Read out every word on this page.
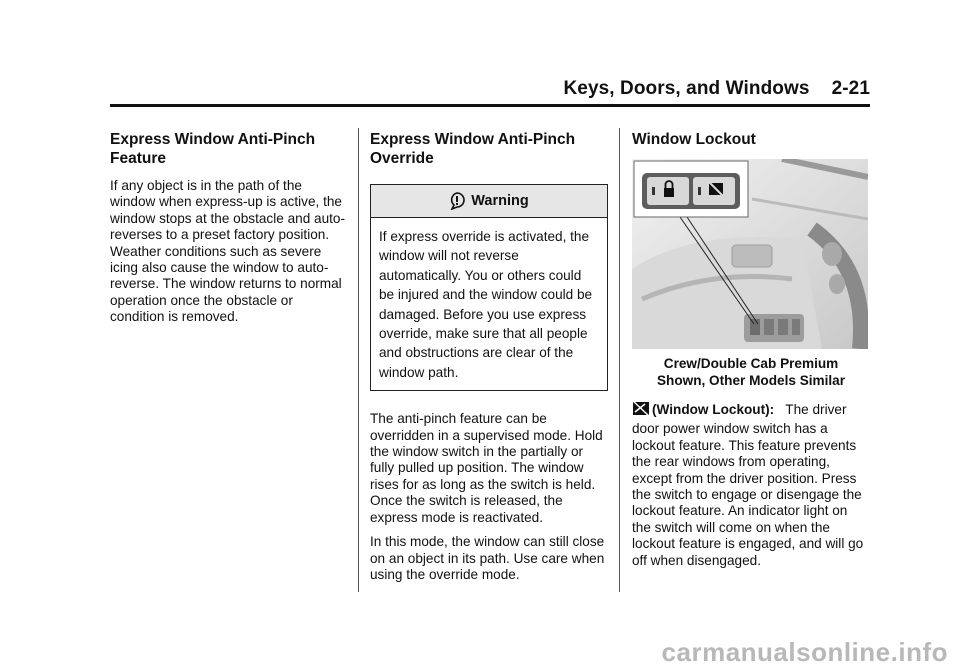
Keys, Doors, and Windows 2-21
Express Window Anti-Pinch Feature

If any object is in the path of the window when express-up is active, the window stops at the obstacle and auto-reverses to a preset factory position. Weather conditions such as severe icing also cause the window to auto-reverse. The window returns to normal operation once the obstacle or condition is removed.

Express Window Anti-Pinch Override
Warning
If express override is activated, the window will not reverse automatically. You or others could be injured and the window could be damaged. Before you use express override, make sure that all people and obstructions are clear of the window path.

The anti-pinch feature can be overridden in a supervised mode. Hold the window switch in the partially or fully pulled up position. The window rises for as long as the switch is held. Once the switch is released, the express mode is reactivated.

In this mode, the window can still close on an object in its path. Use care when using the override mode.

Window Lockout
Crew/Double Cab Premium
Shown, Other Models Similar

(Window Lockout): The driver door power window switch has a lockout feature. This feature prevents the rear windows from operating, except from the driver position. Press the switch to engage or disengage the lockout feature. An indicator light on the switch will come on when the lockout feature is engaged, and will go off when disengaged.

carmanualsonline.info
